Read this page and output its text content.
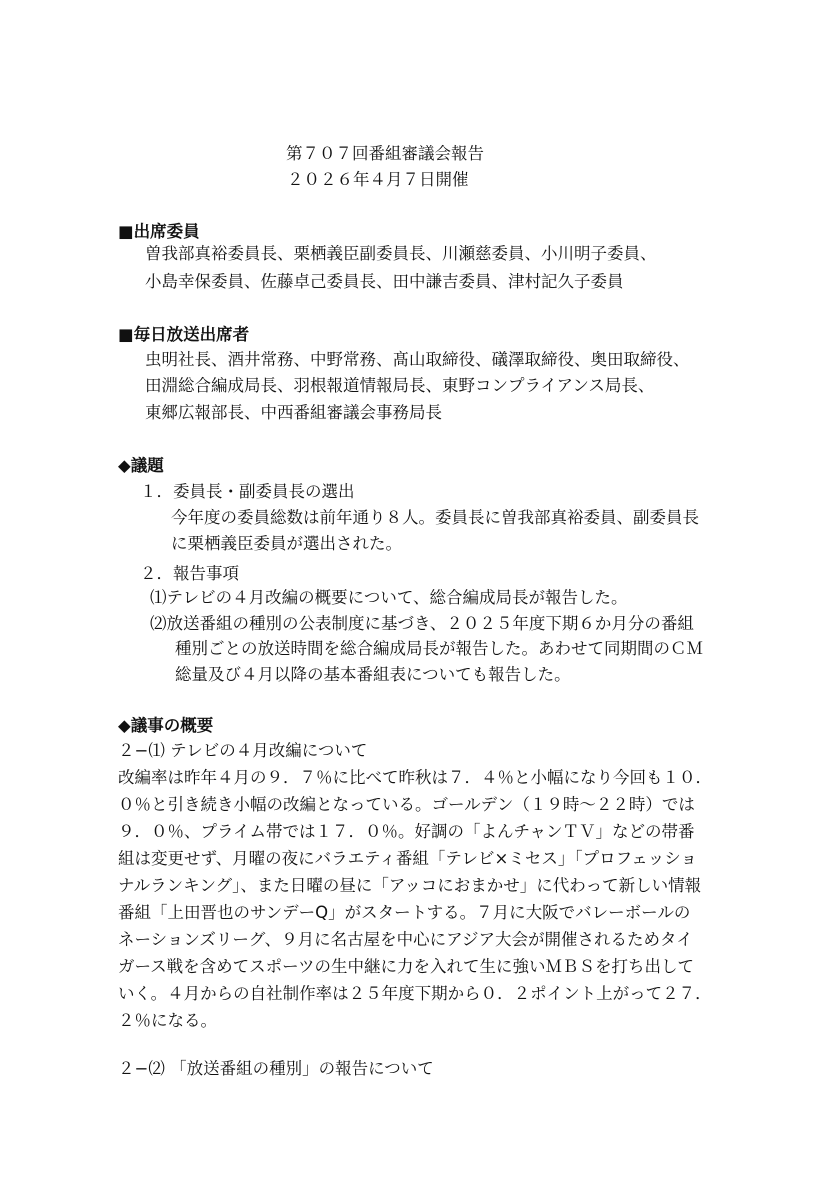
第７０７回番組審議会報告
２０２６年４月７日開催
■出席委員
曽我部真裕委員長、栗栖義臣副委員長、川瀬慈委員、小川明子委員、
小島幸保委員、佐藤卓己委員長、田中謙吉委員、津村記久子委員
■毎日放送出席者
虫明社長、酒井常務、中野常務、髙山取締役、礒澤取締役、奥田取締役、
田淵総合編成局長、羽根報道情報局長、東野コンプライアンス局長、
東郷広報部長、中西番組審議会事務局長
◆議題
１．委員長・副委員長の選出
今年度の委員総数は前年通り８人。委員長に曽我部真裕委員、副委員長
に栗栖義臣委員が選出された。
２．報告事項
⑴テレビの４月改編の概要について、総合編成局長が報告した。
⑵放送番組の種別の公表制度に基づき、２０２５年度下期６か月分の番組
種別ごとの放送時間を総合編成局長が報告した。あわせて同期間のＣＭ
総量及び４月以降の基本番組表についても報告した。
◆議事の概要
２−⑴ テレビの４月改編について
改編率は昨年４月の９．７％に比べて昨秋は７．４％と小幅になり今回も１０．
０％と引き続き小幅の改編となっている。ゴールデン（１９時〜２２時）では
９．０％、プライム帯では１７．０％。好調の「よんチャンＴＶ」などの帯番
組は変更せず、月曜の夜にバラエティ番組「テレビ×ミセス」「プロフェッショ
ナルランキング」、また日曜の昼に「アッコにおまかせ」に代わって新しい情報
番組「上田晋也のサンデーQ」がスタートする。７月に大阪でバレーボールの
ネーションズリーグ、９月に名古屋を中心にアジア大会が開催されるためタイ
ガース戦を含めてスポーツの生中継に力を入れて生に強いＭＢＳを打ち出して
いく。４月からの自社制作率は２５年度下期から０．２ポイント上がって２７．
２％になる。
２−⑵ 「放送番組の種別」の報告について
